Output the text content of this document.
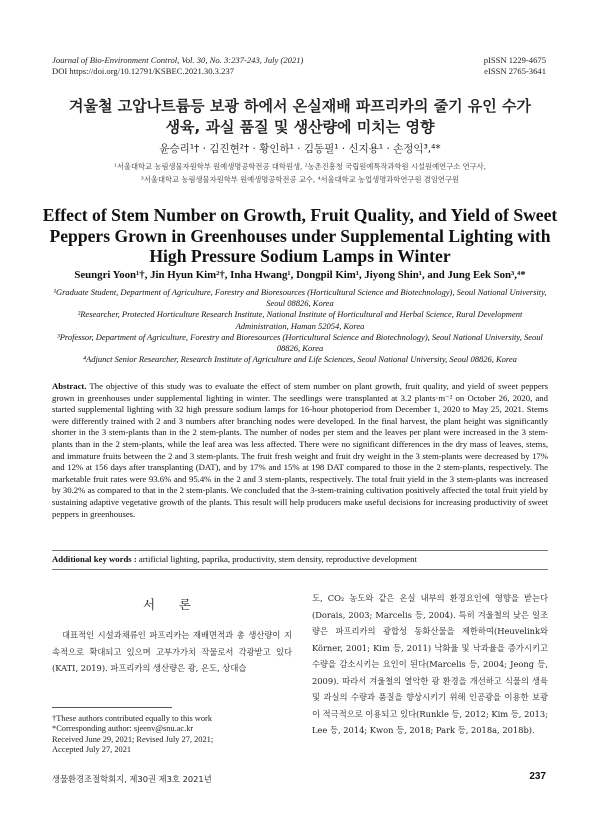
Journal of Bio-Environment Control, Vol. 30, No. 3:237-243, July (2021)
DOI https://doi.org/10.12791/KSBEC.2021.30.3.237
pISSN 1229-4675
eISSN 2765-3641
겨울철 고압나트륨등 보광 하에서 온실재배 파프리카의 줄기 유인 수가
생육, 과실 품질 및 생산량에 미치는 영향
윤승리¹† · 김진현²† · 황인하¹ · 김동필¹ · 신지용¹ · 손정익³,⁴*
¹서울대학교 농림생물자원학부 원예생명공학전공 대학원생, ²농촌진흥청 국립원예특작과학원 시설원예연구소 연구사,
³서울대학교 농림생물자원학부 원예생명공학전공 교수, ⁴서울대학교 농업생명과학연구원 겸임연구원
Effect of Stem Number on Growth, Fruit Quality, and Yield of Sweet
Peppers Grown in Greenhouses under Supplemental Lighting with
High Pressure Sodium Lamps in Winter
Seungri Yoon¹†, Jin Hyun Kim²†, Inha Hwang¹, Dongpil Kim¹, Jiyong Shin¹, and Jung Eek Son³,⁴*

¹Graduate Student, Department of Agriculture, Forestry and Bioresources (Horticultural Science and Biotechnology), Seoul National University, Seoul 08826, Korea

²Researcher, Protected Horticulture Research Institute, National Institute of Horticultural and Herbal Science, Rural Development Administration, Haman 52054, Korea

³Professor, Department of Agriculture, Forestry and Bioresources (Horticultural Science and Biotechnology), Seoul National University, Seoul 08826, Korea

⁴Adjunct Senior Researcher, Research Institute of Agriculture and Life Sciences, Seoul National University, Seoul 08826, Korea

Abstract. The objective of this study was to evaluate the effect of stem number on plant growth, fruit quality, and yield of sweet peppers grown in greenhouses under supplemental lighting in winter. The seedlings were transplanted at 3.2 plants·m⁻² on October 26, 2020, and started supplemental lighting with 32 high pressure sodium lamps for 16-hour photoperiod from December 1, 2020 to May 25, 2021. Stems were differently trained with 2 and 3 numbers after branching nodes were developed. In the final harvest, the plant height was significantly shorter in the 3 stem-plants than in the 2 stem-plants. The number of nodes per stem and the leaves per plant were increased in the 3 stem-plants than in the 2 stem-plants, while the leaf area was less affected. There were no significant differences in the dry mass of leaves, stems, and immature fruits between the 2 and 3 stem-plants. The fruit fresh weight and fruit dry weight in the 3 stem-plants were decreased by 17% and 12% at 156 days after transplanting (DAT), and by 17% and 15% at 198 DAT compared to those in the 2 stem-plants, respectively. The marketable fruit rates were 93.6% and 95.4% in the 2 and 3 stem-plants, respectively. The total fruit yield in the 3 stem-plants was increased by 30.2% as compared to that in the 2 stem-plants. We concluded that the 3-stem-training cultivation positively affected the total fruit yield by sustaining adaptive vegetative growth of the plants. This result will help producers make useful decisions for increasing productivity of sweet peppers in greenhouses.
Additional key words : artificial lighting, paprika, productivity, stem density, reproductive development
서 론
대표적인 시설과채류인 파프리카는 재배면적과 총 생산량이 지속적으로 확대되고 있으며 고부가가치 작물로서 각광받고 있다(KATI, 2019). 파프리카의 생산량은 광, 온도, 상대습
도, CO₂ 농도와 같은 온실 내부의 환경요인에 영향을 받는다(Dorais, 2003; Marcelis 등, 2004). 특히 겨울철의 낮은 일조량은 파프리카의 광합성 동화산물을 제한하여(Heuvelink와 Körner, 2001; Kim 등, 2011) 낙화율 및 낙과율을 증가시키고 수량을 감소시키는 요인이 된다(Marcelis 등, 2004; Jeong 등, 2009). 따라서 겨울철의 열악한 광 환경을 개선하고 식물의 생육 및 과실의 수량과 품질을 향상시키기 위해 인공광을 이용한 보광이 적극적으로 이용되고 있다(Runkle 등, 2012; Kim 등, 2013; Lee 등, 2014; Kwon 등, 2018; Park 등, 2018a, 2018b).
†These authors contributed equally to this work
*Corresponding author: sjeenv@snu.ac.kr
Received June 29, 2021; Revised July 27, 2021;
Accepted July 27, 2021
생물환경조절학회지, 제30권 제3호 2021년	237
